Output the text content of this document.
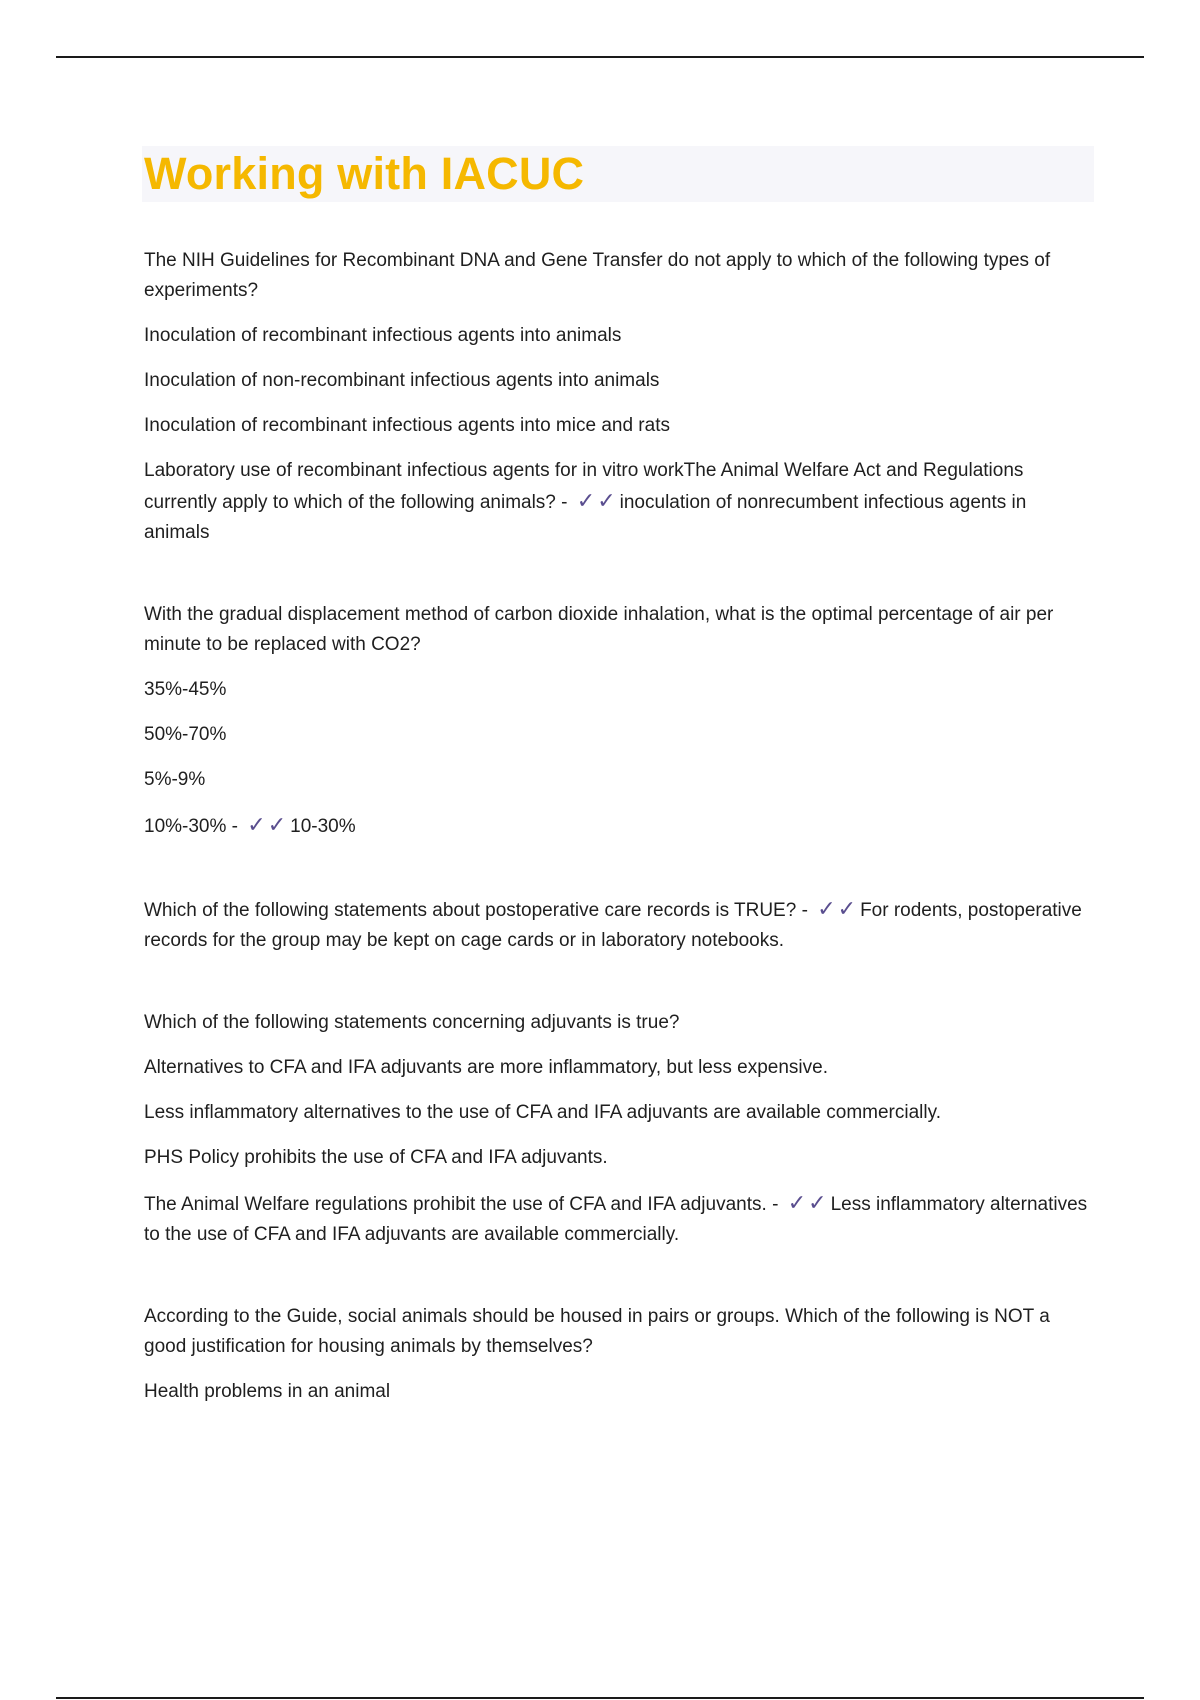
Working with IACUC

The NIH Guidelines for Recombinant DNA and Gene Transfer do not apply to which of the following types of experiments?

Inoculation of recombinant infectious agents into animals

Inoculation of non-recombinant infectious agents into animals

Inoculation of recombinant infectious agents into mice and rats

Laboratory use of recombinant infectious agents for in vitro workThe Animal Welfare Act and Regulations currently apply to which of the following animals? - ✓✓ inoculation of nonrecumbent infectious agents in animals

With the gradual displacement method of carbon dioxide inhalation, what is the optimal percentage of air per minute to be replaced with CO2?

35%-45%

50%-70%

5%-9%

10%-30% - ✓✓ 10-30%

Which of the following statements about postoperative care records is TRUE? - ✓✓ For rodents, postoperative records for the group may be kept on cage cards or in laboratory notebooks.

Which of the following statements concerning adjuvants is true?

Alternatives to CFA and IFA adjuvants are more inflammatory, but less expensive.

Less inflammatory alternatives to the use of CFA and IFA adjuvants are available commercially.

PHS Policy prohibits the use of CFA and IFA adjuvants.

The Animal Welfare regulations prohibit the use of CFA and IFA adjuvants. - ✓✓ Less inflammatory alternatives to the use of CFA and IFA adjuvants are available commercially.

According to the Guide, social animals should be housed in pairs or groups. Which of the following is NOT a good justification for housing animals by themselves?

Health problems in an animal
